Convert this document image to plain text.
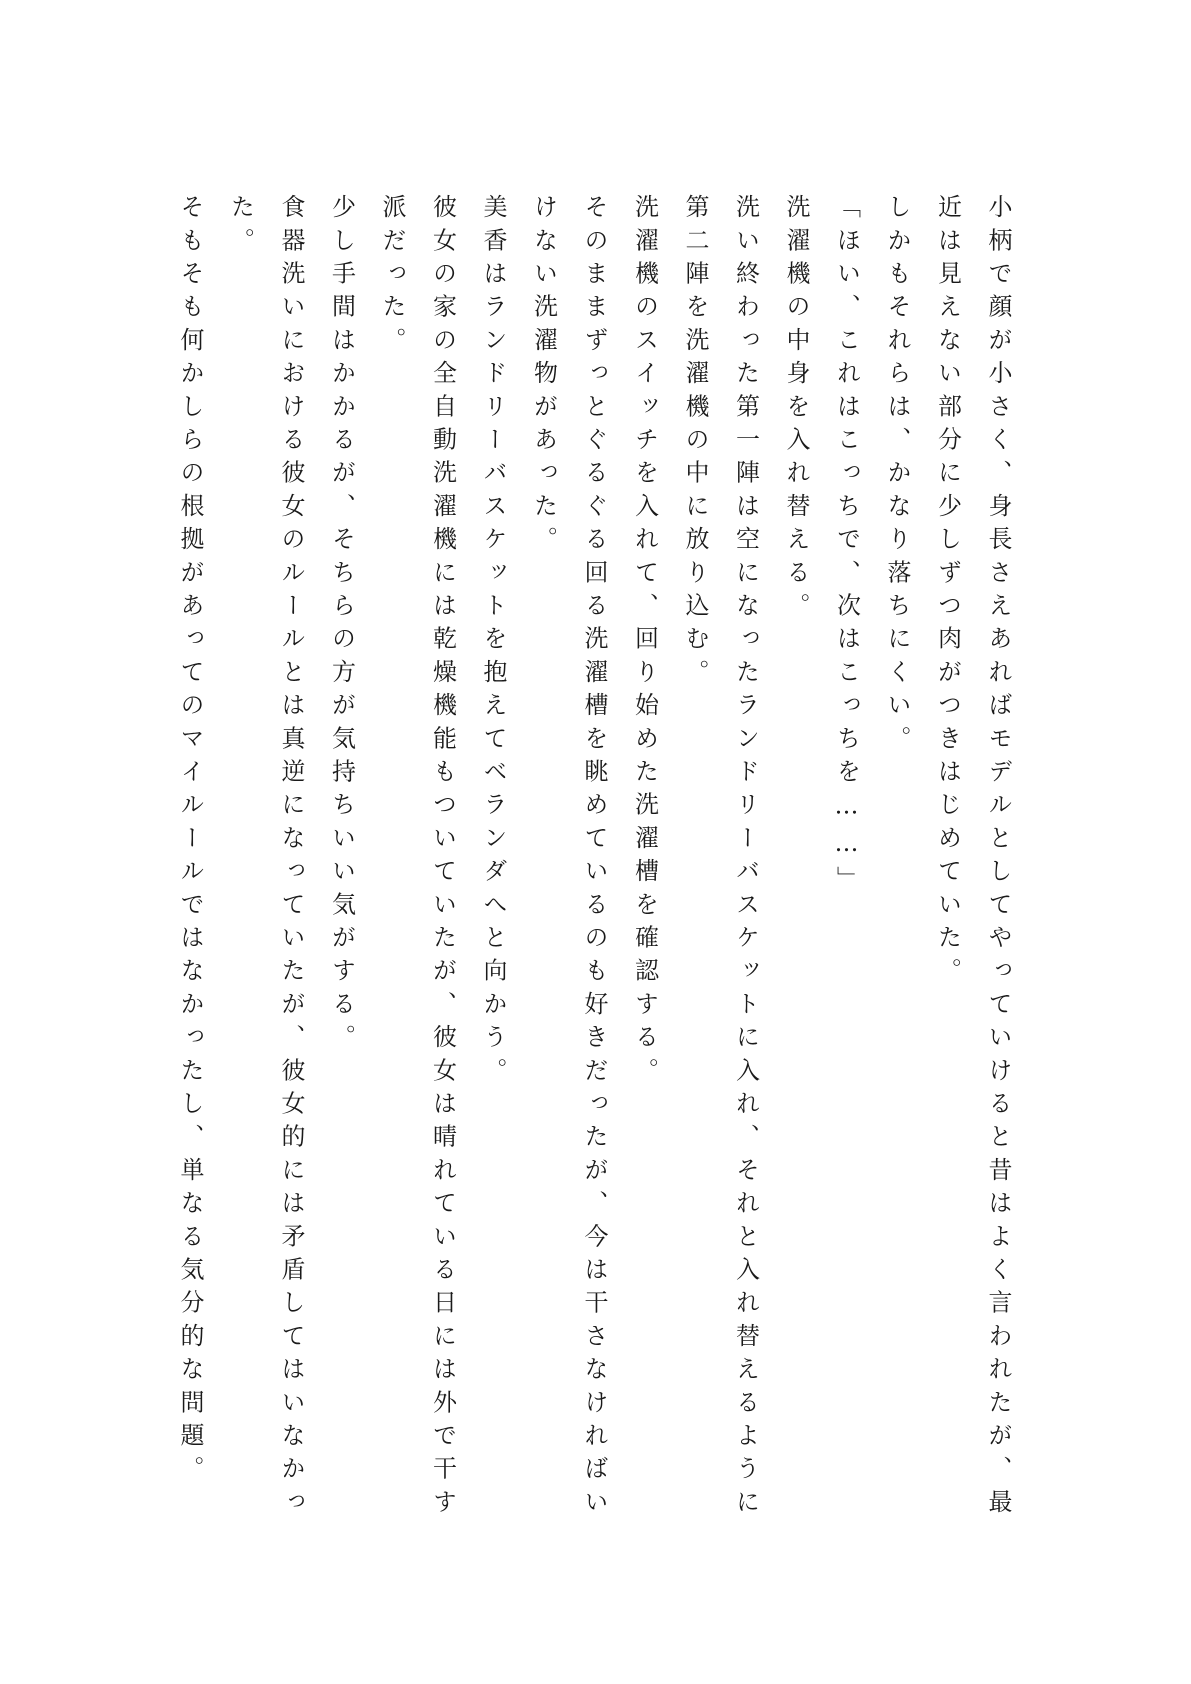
小柄で顔が小さく、身長さえあればモデルとしてやっていけると昔はよく言われたが、最近は見えない部分に少しずつ肉がつきはじめていた。

しかもそれらは、かなり落ちにくい。

「ほい、これはこっちで、次はこっちを……」

洗濯機の中身を入れ替える。

洗い終わった第一陣は空になったランドリーバスケットに入れ、それと入れ替えるように第二陣を洗濯機の中に放り込む。

洗濯機のスイッチを入れて、回り始めた洗濯槽を確認する。

そのままずっとぐるぐる回る洗濯槽を眺めているのも好きだったが、今は干さなければいけない洗濯物があった。

美香はランドリーバスケットを抱えてベランダへと向かう。

彼女の家の全自動洗濯機には乾燥機能もついていたが、彼女は晴れている日には外で干す派だった。

少し手間はかかるが、そちらの方が気持ちいい気がする。

食器洗いにおける彼女のルールとは真逆になっていたが、彼女的には矛盾してはいなかった。

そもそも何かしらの根拠があってのマイルールではなかったし、単なる気分的な問題。
